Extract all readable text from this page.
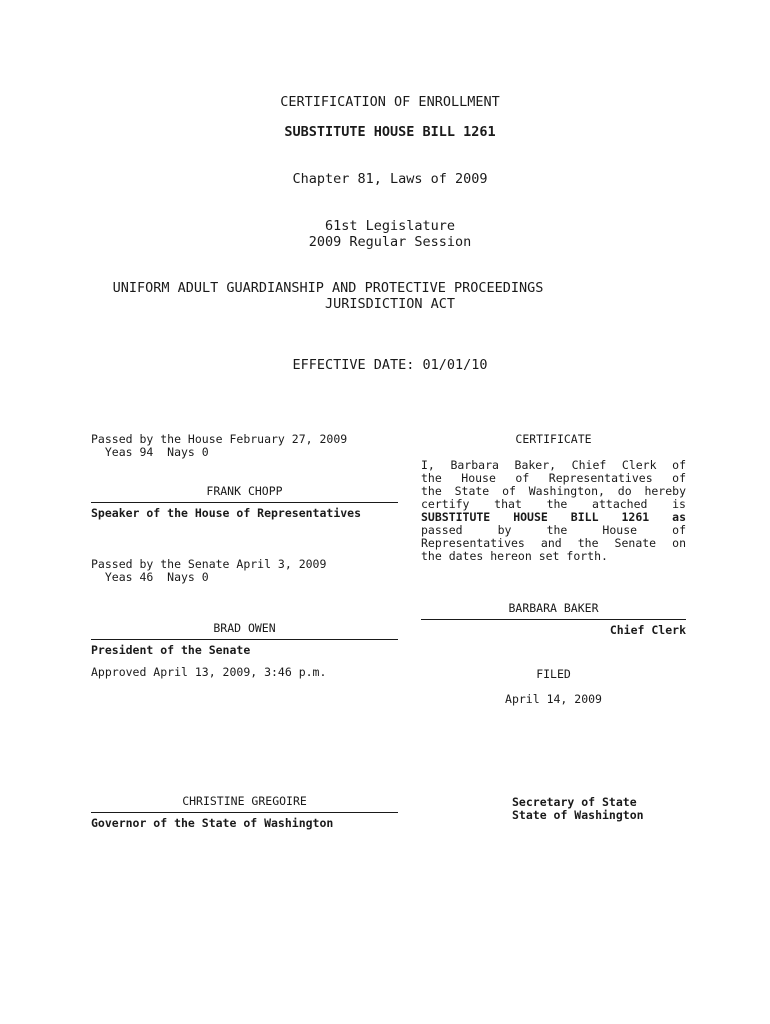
CERTIFICATION OF ENROLLMENT
SUBSTITUTE HOUSE BILL 1261
Chapter 81, Laws of 2009
61st Legislature
2009 Regular Session
UNIFORM ADULT GUARDIANSHIP AND PROTECTIVE PROCEEDINGS
JURISDICTION ACT
EFFECTIVE DATE: 01/01/10
Passed by the House February 27, 2009
Yeas 94  Nays 0
FRANK CHOPP
Speaker of the House of Representatives
Passed by the Senate April 3, 2009
Yeas 46  Nays 0
BRAD OWEN
President of the Senate
Approved April 13, 2009, 3:46 p.m.
CHRISTINE GREGOIRE
Governor of the State of Washington
CERTIFICATE
I, Barbara Baker, Chief Clerk of
the House of Representatives of
the State of Washington, do hereby
certify that the attached is
SUBSTITUTE HOUSE BILL 1261 as
passed by the House of
Representatives and the Senate on
the dates hereon set forth.
BARBARA BAKER
Chief Clerk
FILED
April 14, 2009
Secretary of State
State of Washington
